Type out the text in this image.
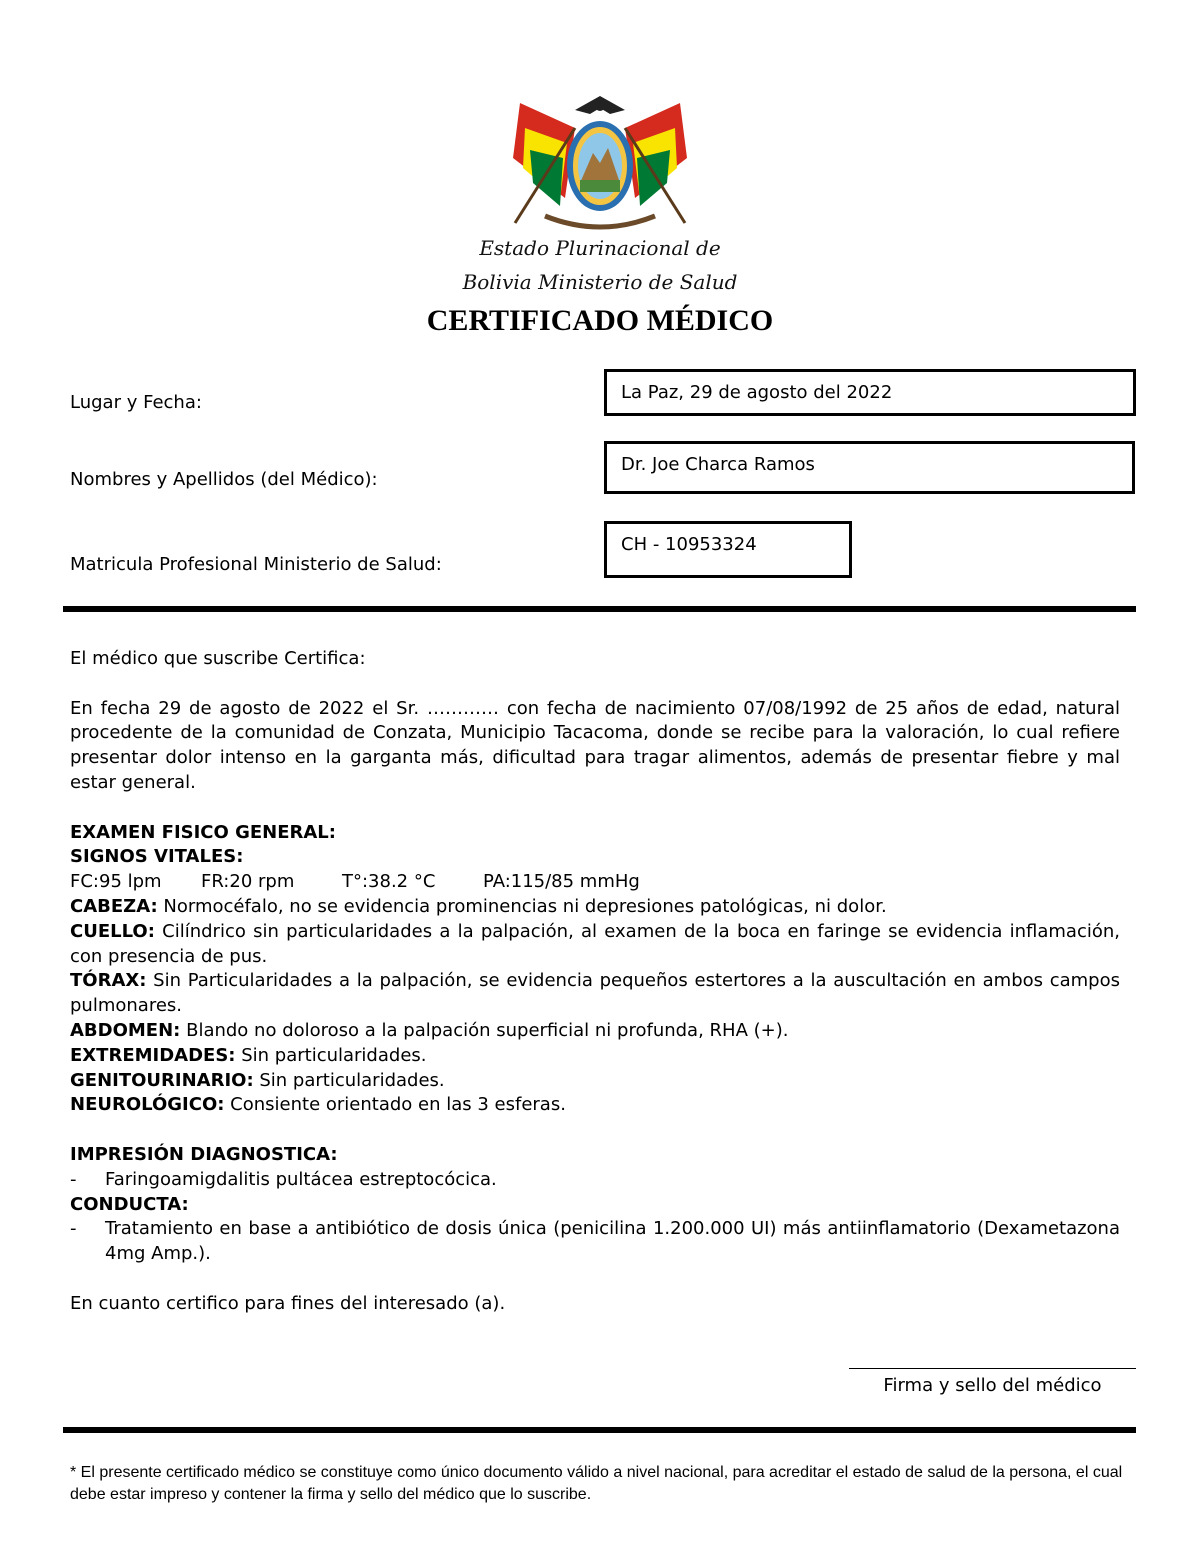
Estado Plurinacional de
Bolivia Ministerio de Salud
CERTIFICADO MÉDICO
Lugar y Fecha:	La Paz, 29 de agosto del 2022
Nombres y Apellidos (del Médico):
Dr. Joe Charca Ramos
Matricula Profesional Ministerio de Salud:
CH - 10953324

El médico que suscribe Certifica:

En fecha 29 de agosto de 2022 el Sr. ………… con fecha de nacimiento 07/08/1992 de 25 años de edad, natural procedente de la comunidad de Conzata, Municipio Tacacoma, donde se recibe para la valoración, lo cual refiere presentar dolor intenso en la garganta más, dificultad para tragar alimentos, además de presentar fiebre y mal estar general.

EXAMEN FISICO GENERAL:

SIGNOS VITALES:

FC:95 lpm FR:20 rpm	T°:38.2 °C	PA:115/85 mmHg

CABEZA: Normocéfalo, no se evidencia prominencias ni depresiones patológicas, ni dolor.

CUELLO: Cilíndrico sin particularidades a la palpación, al examen de la boca en faringe se evidencia inflamación, con presencia de pus.

TÓRAX: Sin Particularidades a la palpación, se evidencia pequeños estertores a la auscultación en ambos campos pulmonares.

ABDOMEN: Blando no doloroso a la palpación superficial ni profunda, RHA (+).

EXTREMIDADES: Sin particularidades.

GENITOURINARIO: Sin particularidades.

NEUROLÓGICO: Consiente orientado en las 3 esferas.

IMPRESIÓN DIAGNOSTICA:

-	Faringoamigdalitis pultácea estreptocócica.

CONDUCTA:

-	Tratamiento en base a antibiótico de dosis única (penicilina 1.200.000 UI) más antiinflamatorio (Dexametazona 4mg Amp.).

En cuanto certifico para fines del interesado (a).

Firma y sello del médico
* El presente certificado médico se constituye como único documento válido a nivel nacional, para acreditar el estado de salud de la persona, el cual debe estar impreso y contener la firma y sello del médico que lo suscribe.
